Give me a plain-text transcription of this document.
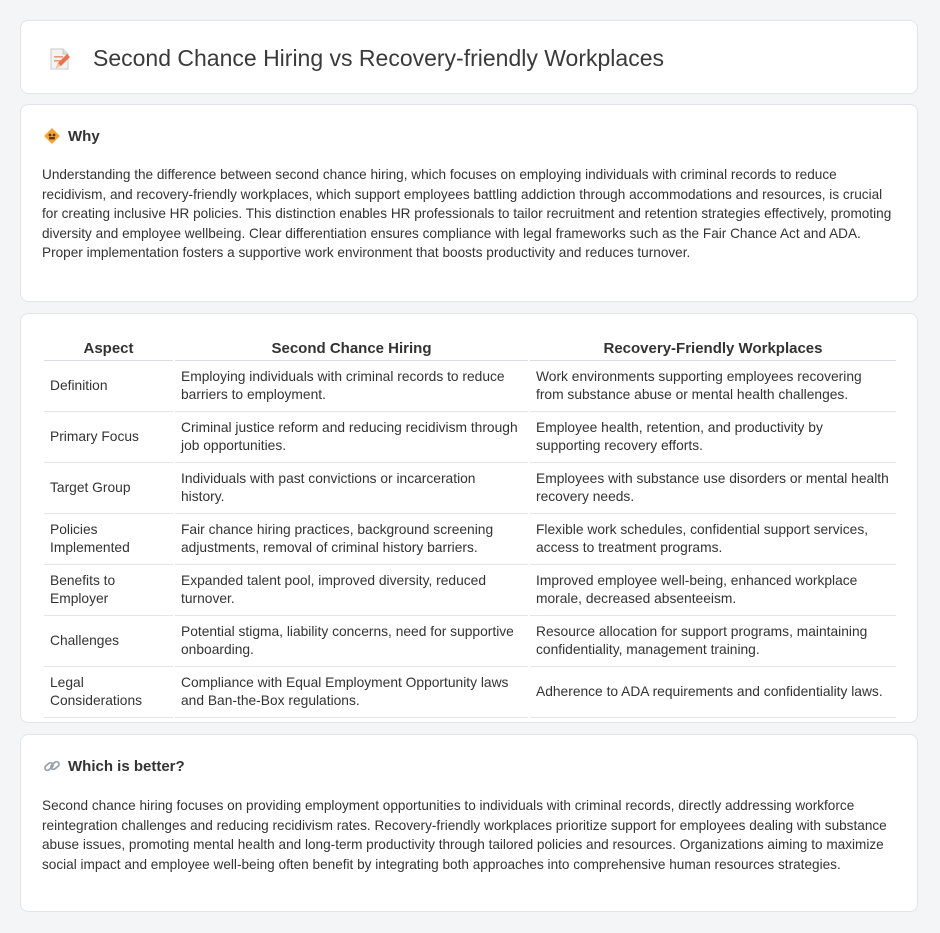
Second Chance Hiring vs Recovery-friendly Workplaces
Why
Understanding the difference between second chance hiring, which focuses on employing individuals with criminal records to reduce recidivism, and recovery-friendly workplaces, which support employees battling addiction through accommodations and resources, is crucial for creating inclusive HR policies. This distinction enables HR professionals to tailor recruitment and retention strategies effectively, promoting diversity and employee wellbeing. Clear differentiation ensures compliance with legal frameworks such as the Fair Chance Act and ADA. Proper implementation fosters a supportive work environment that boosts productivity and reduces turnover.
Aspect	Second Chance Hiring	Recovery-Friendly Workplaces
Definition	Employing individuals with criminal records to reduce barriers to employment.	Work environments supporting employees recovering from substance abuse or mental health challenges.
Primary Focus	Criminal justice reform and reducing recidivism through job opportunities.	Employee health, retention, and productivity by supporting recovery efforts.
Target Group	Individuals with past convictions or incarceration history.	Employees with substance use disorders or mental health recovery needs.
Policies Implemented	Fair chance hiring practices, background screening adjustments, removal of criminal history barriers.	Flexible work schedules, confidential support services, access to treatment programs.
Benefits to Employer	Expanded talent pool, improved diversity, reduced turnover.	Improved employee well-being, enhanced workplace morale, decreased absenteeism.
Challenges	Potential stigma, liability concerns, need for supportive onboarding.	Resource allocation for support programs, maintaining confidentiality, management training.
Legal Considerations	Compliance with Equal Employment Opportunity laws and Ban-the-Box regulations.	Adherence to ADA requirements and confidentiality laws.
Which is better?
Second chance hiring focuses on providing employment opportunities to individuals with criminal records, directly addressing workforce reintegration challenges and reducing recidivism rates. Recovery-friendly workplaces prioritize support for employees dealing with substance abuse issues, promoting mental health and long-term productivity through tailored policies and resources. Organizations aiming to maximize social impact and employee well-being often benefit by integrating both approaches into comprehensive human resources strategies.
